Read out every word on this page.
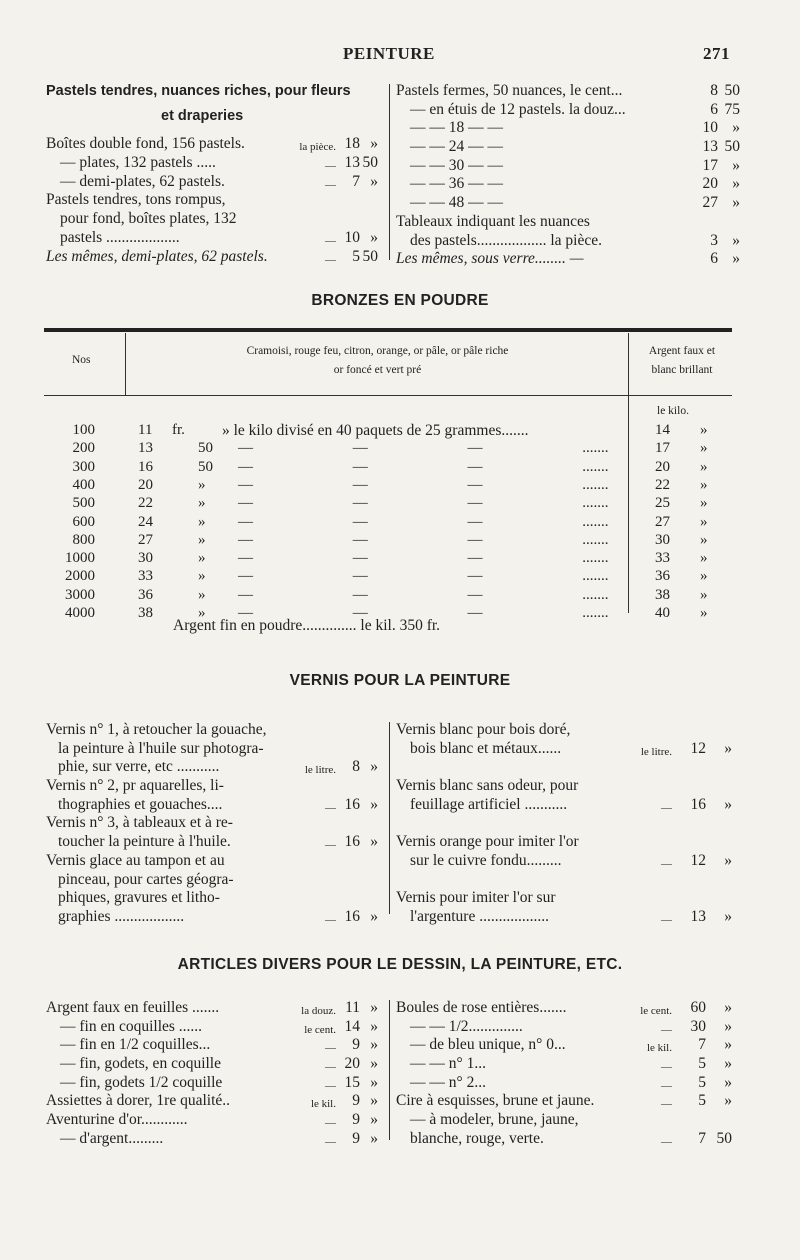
PEINTURE	271
Pastels tendres, nuances riches, pour fleurs
et draperies
Boîtes double fond, 156 pastels.	la pièce. 18 »
— plates, 132 pastels .....	— 13 50
— demi-plates, 62 pastels.	— 7 »
Pastels tendres, tons rompus,
pour fond, boîtes plates, 132
pastels ...................	— 10 »
Les mêmes, demi-plates, 62 pastels.	— 5 50
Pastels fermes, 50 nuances, le cent...	8 50
— en étuis de 12 pastels. la douz...	6 75
— — 18 — —	10 »
— — 24 — —	13 50
— — 30 — —	17 »
— — 36 — —	20 »
— — 48 — —	27 »
Tableaux indiquant les nuances
des pastels.................. la pièce.	3 »
Les mêmes, sous verre........ —	6 »
BRONZES EN POUDRE
Nos
Cramoisi, rouge feu, citron, orange, or pâle, or pâle riche
or foncé et vert pré
Argent faux et
blanc brillant
le kilo.
100	11 fr. » le kilo divisé en 40 paquets de 25 grammes.......	14 »
200	13	50 — — — .......	17 »
300	16	50 — — — .......	20 »
400	20	» — — — .......	22 »
500	22	» — — — .......	25 »
600	24	» — — — .......	27 »
800	27	» — — — .......	30 »
1000	30	» — — — .......	33 »
2000	33	» — — — .......	36 »
3000	36	» — — — .......	38 »
4000	38	» — — — .......	40 »
Argent fin en poudre.............. le kil. 350 fr.
VERNIS POUR LA PEINTURE
Vernis n° 1, à retoucher la gouache,
la peinture à l'huile sur photogra-
phie, sur verre, etc ...........	le litre. 8 »
Vernis n° 2, pr aquarelles, li-
thographies et gouaches....	— 16 »
Vernis n° 3, à tableaux et à re-
toucher la peinture à l'huile.	— 16 »
Vernis glace au tampon et au
pinceau, pour cartes géogra-
phiques, gravures et litho-
graphies ..................	— 16 »
Vernis blanc pour bois doré,
bois blanc et métaux......	le litre. 12 »
Vernis blanc sans odeur, pour
feuillage artificiel ...........	— 16 »
Vernis orange pour imiter l'or
sur le cuivre fondu.........	— 12 »
Vernis pour imiter l'or sur
l'argenture ..................	— 13 »
ARTICLES DIVERS POUR LE DESSIN, LA PEINTURE, ETC.
Argent faux en feuilles .......	la douz. 11 »
— fin en coquilles ......	le cent. 14 »
— fin en 1/2 coquilles...	— 9 »
— fin, godets, en coquille	— 20 »
— fin, godets 1/2 coquille	— 15 »
Assiettes à dorer, 1re qualité..	le kil. 9 »
Aventurine d'or............	— 9 »
— d'argent.........	— 9 »
Boules de rose entières.......	le cent. 60 »
— — 1/2..............	— 30 »
— de bleu unique, n° 0...	le kil. 7 »
— — n° 1...	— 5 »
— — n° 2...	— 5 »
Cire à esquisses, brune et jaune.	— 5 »
— à modeler, brune, jaune,
blanche, rouge, verte.	— 7 50
